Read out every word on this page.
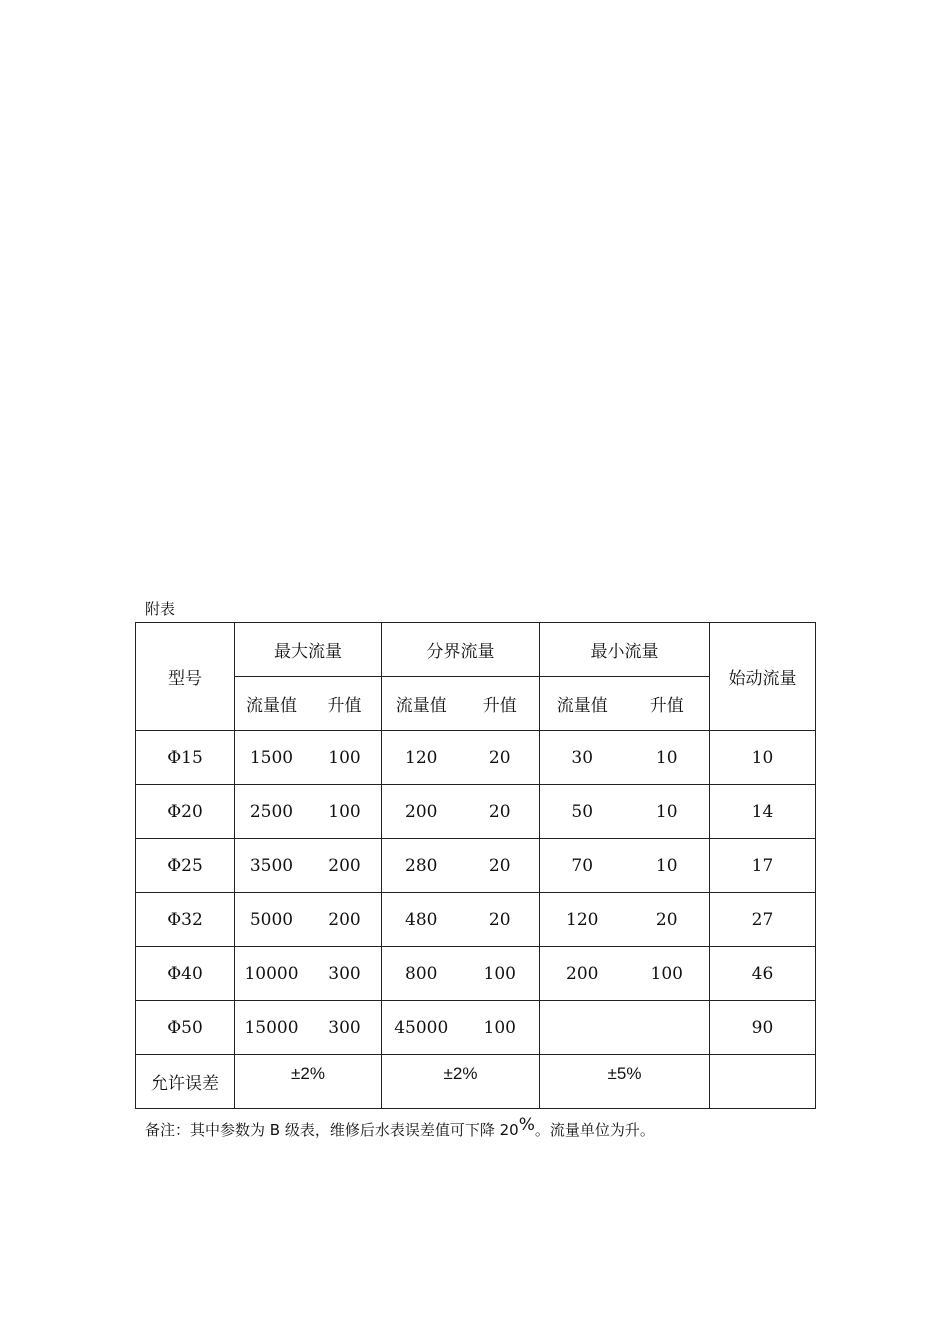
附表
型号	最大流量	分界流量	最小流量	始动流量

	流量值 升值	流量值 升值	流量值 升值	

Φ15	1500 100	120 20	30 10	10
Φ20	2500 100	200 20	50 10	14
Φ25	3500 200	280 20	70 10	17
Φ32	5000 200	480 20	120 20	27
Φ40	10000 300	800 100	200 100	46
Φ50	15000 300	45000 100		90
允许误差	±2%	±2%	±5%	

备注：其中参数为 B 级表，维修后水表误差值可下降 20%。流量单位为升。
